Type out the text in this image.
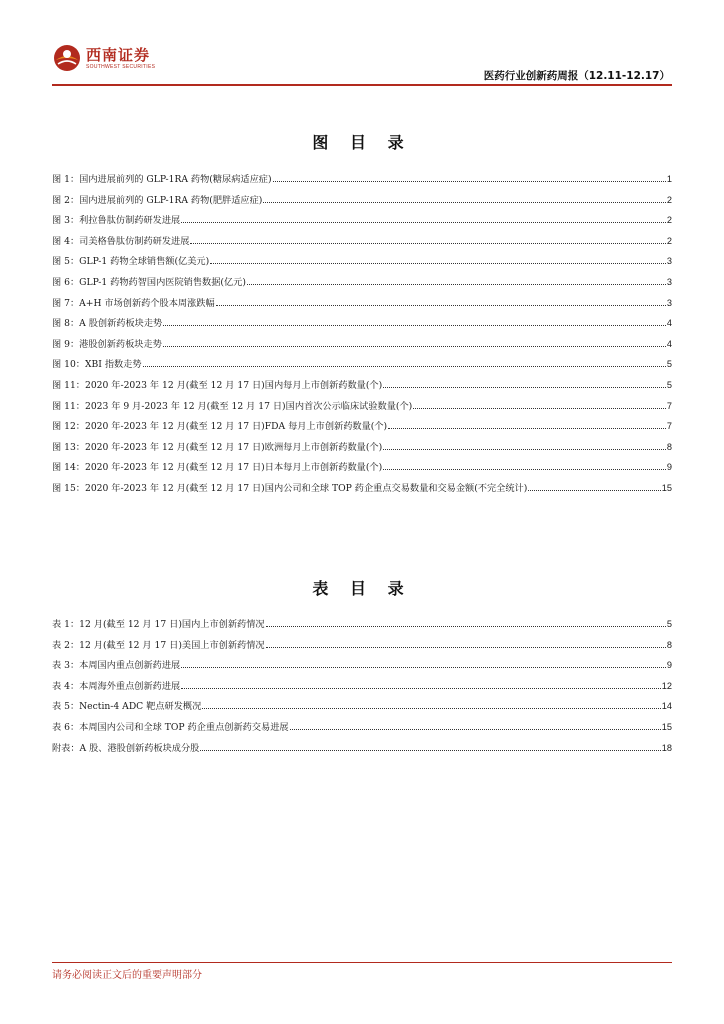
西南证券
SOUTHWEST SECURITIES
医药行业创新药周报（12.11-12.17）
图 目 录
图 1：国内进展前列的 GLP-1RA 药物(糖尿病适应症)	1
图 2：国内进展前列的 GLP-1RA 药物(肥胖适应症)	2
图 3：利拉鲁肽仿制药研发进展	2
图 4：司美格鲁肽仿制药研发进展	2
图 5：GLP-1 药物全球销售额(亿美元)	3
图 6：GLP-1 药物药智国内医院销售数据(亿元)	3
图 7：A+H 市场创新药个股本周涨跌幅	3
图 8：A 股创新药板块走势	4
图 9：港股创新药板块走势	4
图 10：XBI 指数走势	5
图 11：2020 年-2023 年 12 月(截至 12 月 17 日)国内每月上市创新药数量(个)	5
图 11：2023 年 9 月-2023 年 12 月(截至 12 月 17 日)国内首次公示临床试验数量(个)	7
图 12：2020 年-2023 年 12 月(截至 12 月 17 日)FDA 每月上市创新药数量(个)	7
图 13：2020 年-2023 年 12 月(截至 12 月 17 日)欧洲每月上市创新药数量(个)	8
图 14：2020 年-2023 年 12 月(截至 12 月 17 日)日本每月上市创新药数量(个)	9
图 15：2020 年-2023 年 12 月(截至 12 月 17 日)国内公司和全球 TOP 药企重点交易数量和交易金额(不完全统计)	15
表 目 录
表 1：12 月(截至 12 月 17 日)国内上市创新药情况	5
表 2：12 月(截至 12 月 17 日)美国上市创新药情况	8
表 3：本周国内重点创新药进展	9
表 4：本周海外重点创新药进展	12
表 5：Nectin-4 ADC 靶点研发概况	14
表 6：本周国内公司和全球 TOP 药企重点创新药交易进展	15
附表：A 股、港股创新药板块成分股	18
请务必阅读正文后的重要声明部分
